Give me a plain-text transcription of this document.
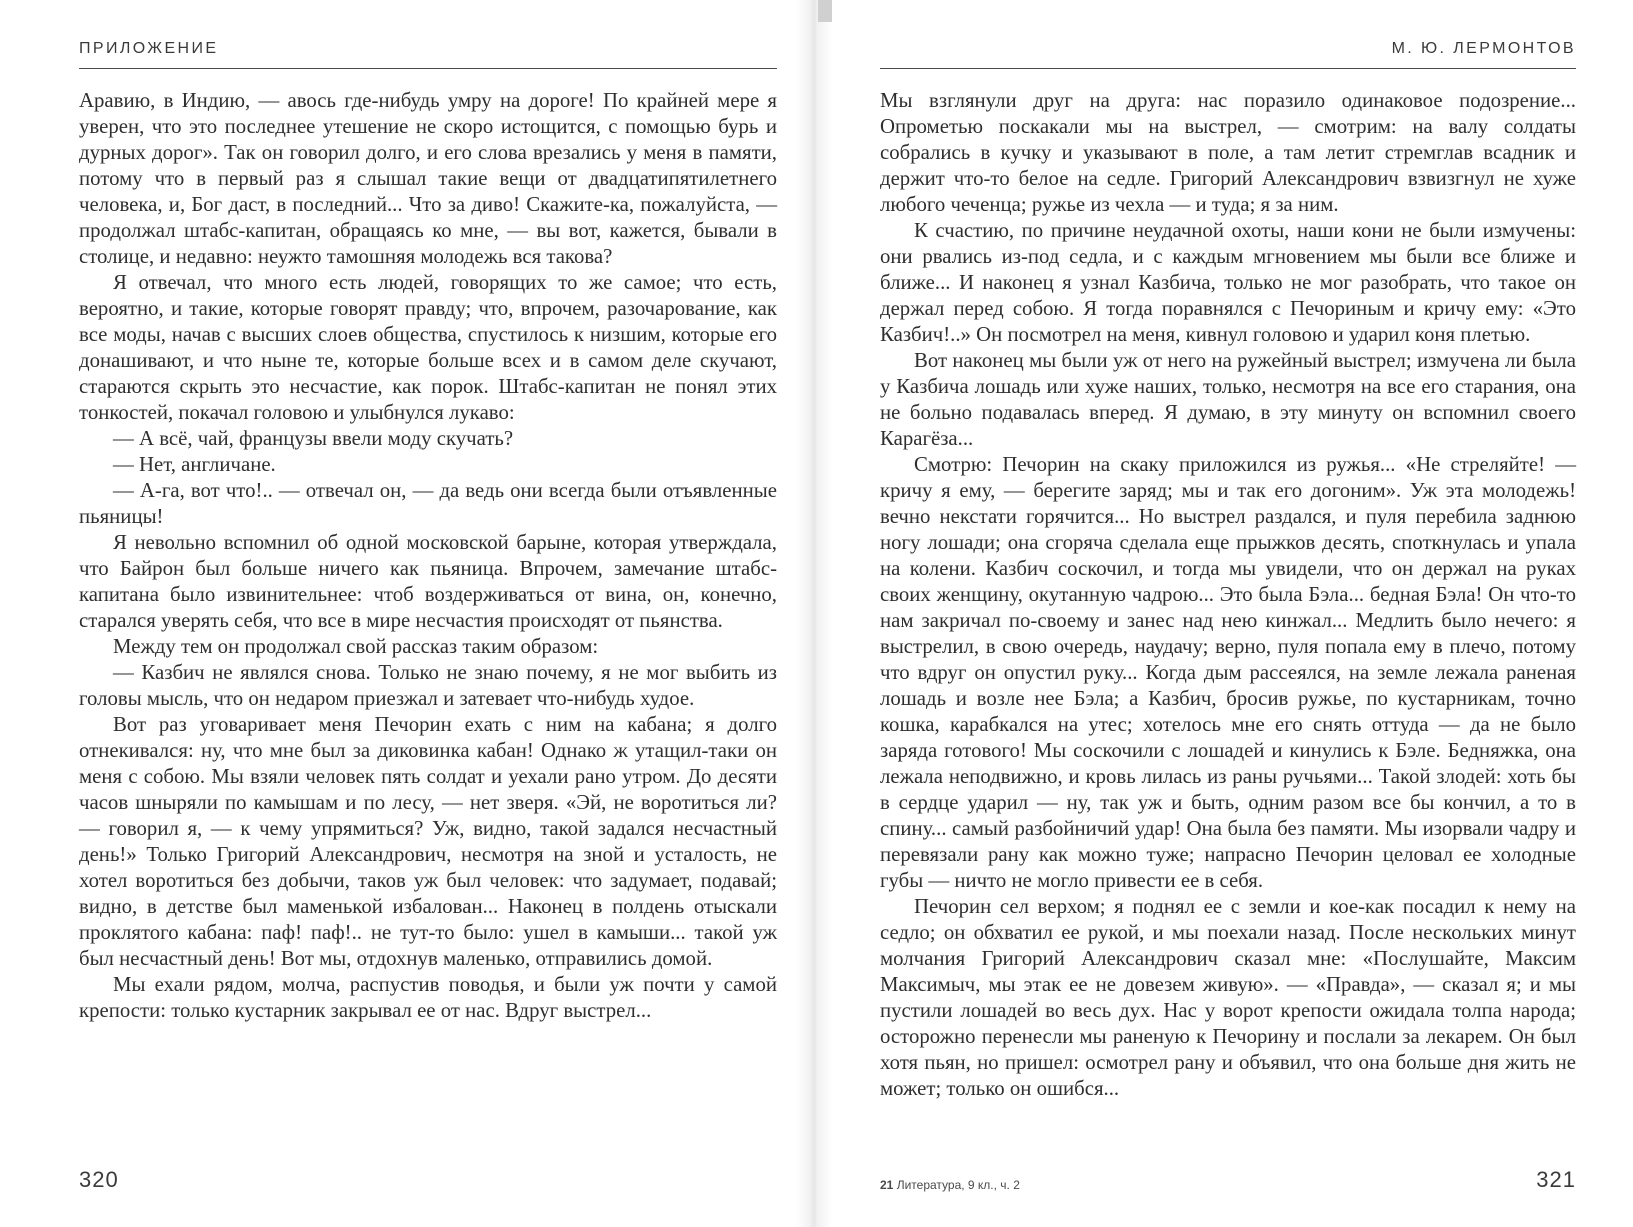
ПРИЛОЖЕНИЕ

Аравию, в Индию, — авось где-нибудь умру на дороге! По крайней мере я уверен, что это последнее утешение не скоро истощится, с помощью бурь и дурных дорог». Так он говорил долго, и его слова врезались у меня в памяти, потому что в первый раз я слышал такие вещи от двадцатипятилетнего человека, и, Бог даст, в последний... Что за диво! Скажите-ка, пожалуйста, — продолжал штабс-капитан, обращаясь ко мне, — вы вот, кажется, бывали в столице, и недавно: неужто тамошняя молодежь вся такова?

Я отвечал, что много есть людей, говорящих то же самое; что есть, вероятно, и такие, которые говорят правду; что, впрочем, разочарование, как все моды, начав с высших слоев общества, спустилось к низшим, которые его донашивают, и что ныне те, которые больше всех и в самом деле скучают, стараются скрыть это несчастие, как порок. Штабс-капитан не понял этих тонкостей, покачал головою и улыбнулся лукаво:

— А всё, чай, французы ввели моду скучать?

— Нет, англичане.

— А-га, вот что!.. — отвечал он, — да ведь они всегда были отъявленные пьяницы!

Я невольно вспомнил об одной московской барыне, которая утверждала, что Байрон был больше ничего как пьяница. Впрочем, замечание штабс-капитана было извинительнее: чтоб воздерживаться от вина, он, конечно, старался уверять себя, что все в мире несчастия происходят от пьянства.

Между тем он продолжал свой рассказ таким образом:

— Казбич не являлся снова. Только не знаю почему, я не мог выбить из головы мысль, что он недаром приезжал и затевает что-нибудь худое.

Вот раз уговаривает меня Печорин ехать с ним на кабана; я долго отнекивался: ну, что мне был за диковинка кабан! Однако ж утащил-таки он меня с собою. Мы взяли человек пять солдат и уехали рано утром. До десяти часов шныряли по камышам и по лесу, — нет зверя. «Эй, не воротиться ли? — говорил я, — к чему упрямиться? Уж, видно, такой задался несчастный день!» Только Григорий Александрович, несмотря на зной и усталость, не хотел воротиться без добычи, таков уж был человек: что задумает, подавай; видно, в детстве был маменькой избалован... Наконец в полдень отыскали проклятого кабана: паф! паф!.. не тут-то было: ушел в камыши... такой уж был несчастный день! Вот мы, отдохнув маленько, отправились домой.

Мы ехали рядом, молча, распустив поводья, и были уж почти у самой крепости: только кустарник закрывал ее от нас. Вдруг выстрел...

320
М. Ю. ЛЕРМОНТОВ

Мы взглянули друг на друга: нас поразило одинаковое подозрение... Опрометью поскакали мы на выстрел, — смотрим: на валу солдаты собрались в кучку и указывают в поле, а там летит стремглав всадник и держит что-то белое на седле. Григорий Александрович взвизгнул не хуже любого чеченца; ружье из чехла — и туда; я за ним.

К счастию, по причине неудачной охоты, наши кони не были измучены: они рвались из-под седла, и с каждым мгновением мы были все ближе и ближе... И наконец я узнал Казбича, только не мог разобрать, что такое он держал перед собою. Я тогда поравнялся с Печориным и кричу ему: «Это Казбич!..» Он посмотрел на меня, кивнул головою и ударил коня плетью.

Вот наконец мы были уж от него на ружейный выстрел; измучена ли была у Казбича лошадь или хуже наших, только, несмотря на все его старания, она не больно подавалась вперед. Я думаю, в эту минуту он вспомнил своего Карагёза...

Смотрю: Печорин на скаку приложился из ружья... «Не стреляйте! — кричу я ему, — берегите заряд; мы и так его догоним». Уж эта молодежь! вечно некстати горячится... Но выстрел раздался, и пуля перебила заднюю ногу лошади; она сгоряча сделала еще прыжков десять, споткнулась и упала на колени. Казбич соскочил, и тогда мы увидели, что он держал на руках своих женщину, окутанную чадрою... Это была Бэла... бедная Бэла! Он что-то нам закричал по-своему и занес над нею кинжал... Медлить было нечего: я выстрелил, в свою очередь, наудачу; верно, пуля попала ему в плечо, потому что вдруг он опустил руку... Когда дым рассеялся, на земле лежала раненая лошадь и возле нее Бэла; а Казбич, бросив ружье, по кустарникам, точно кошка, карабкался на утес; хотелось мне его снять оттуда — да не было заряда готового! Мы соскочили с лошадей и кинулись к Бэле. Бедняжка, она лежала неподвижно, и кровь лилась из раны ручьями... Такой злодей: хоть бы в сердце ударил — ну, так уж и быть, одним разом все бы кончил, а то в спину... самый разбойничий удар! Она была без памяти. Мы изорвали чадру и перевязали рану как можно туже; напрасно Печорин целовал ее холодные губы — ничто не могло привести ее в себя.

Печорин сел верхом; я поднял ее с земли и кое-как посадил к нему на седло; он обхватил ее рукой, и мы поехали назад. После нескольких минут молчания Григорий Александрович сказал мне: «Послушайте, Максим Максимыч, мы этак ее не довезем живую». — «Правда», — сказал я; и мы пустили лошадей во весь дух. Нас у ворот крепости ожидала толпа народа; осторожно перенесли мы раненую к Печорину и послали за лекарем. Он был хотя пьян, но пришел: осмотрел рану и объявил, что она больше дня жить не может; только он ошибся...

21 Литература, 9 кл., ч. 2	321
